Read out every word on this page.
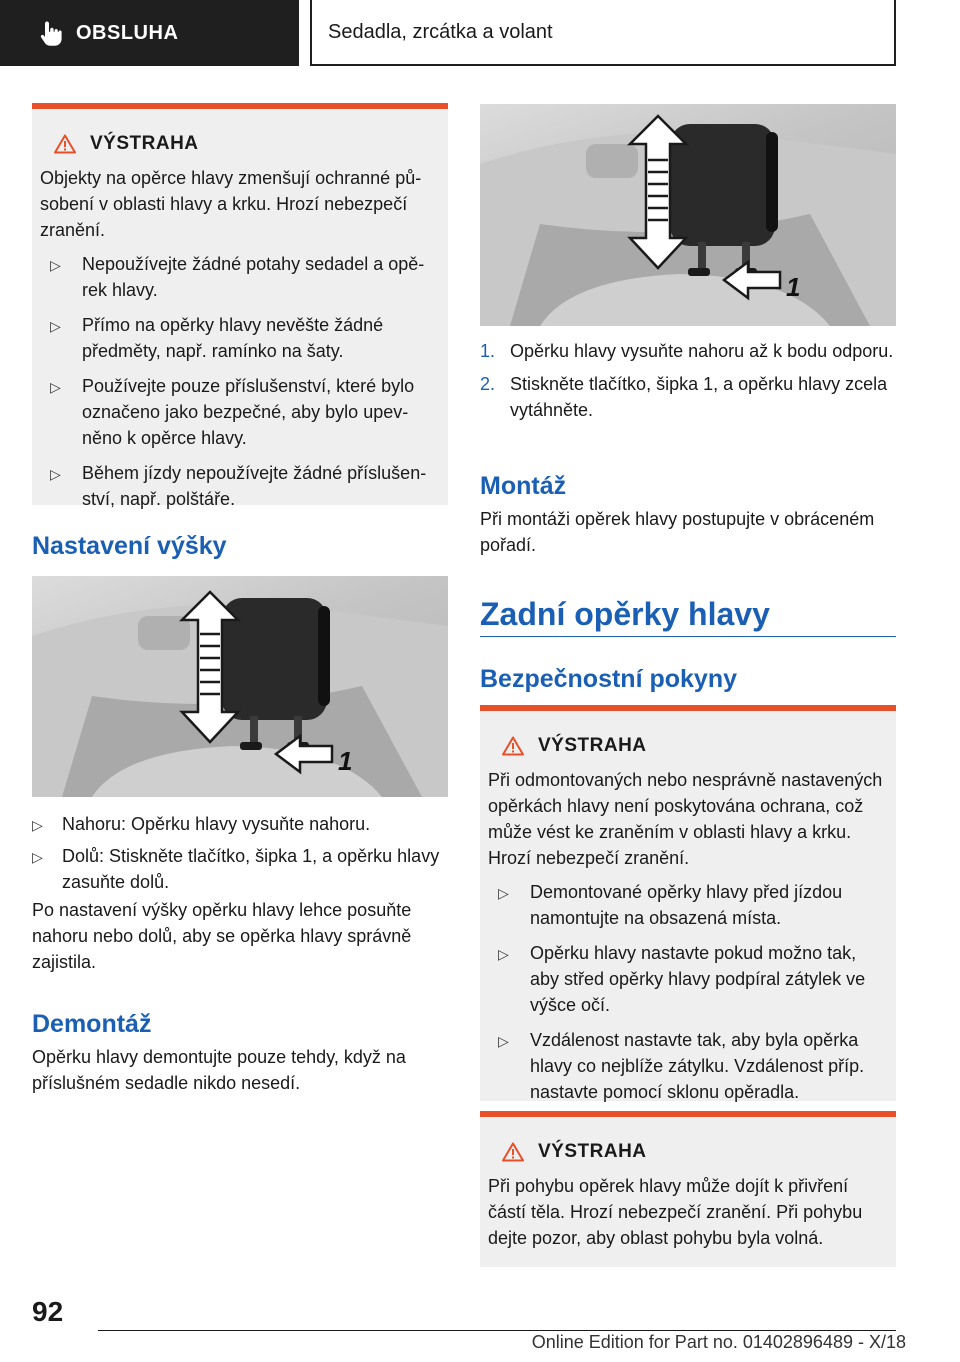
OBSLUHA	Sedadla, zrcátka a volant
VÝSTRAHA

Objekty na opěrce hlavy zmenšují ochranné působení v oblasti hlavy a krku. Hrozí nebezpečí zranění.

▷ Nepoužívejte žádné potahy sedadel a opěrek hlavy.
▷ Přímo na opěrky hlavy nevěšte žádné předměty, např. ramínko na šaty.
▷ Používejte pouze příslušenství, které bylo označeno jako bezpečné, aby bylo upevněno k opěrce hlavy.
▷ Během jízdy nepoužívejte žádné příslušenství, např. polštáře.
Nastavení výšky
1
▷ Nahoru: Opěrku hlavy vysuňte nahoru.
▷ Dolů: Stiskněte tlačítko, šipka 1, a opěrku hlavy zasuňte dolů.

Po nastavení výšky opěrku hlavy lehce posuňte nahoru nebo dolů, aby se opěrka hlavy správně zajistila.

Demontáž

Opěrku hlavy demontujte pouze tehdy, když na příslušném sedadle nikdo nesedí.

1
1. Opěrku hlavy vysuňte nahoru až k bodu odporu.
2. Stiskněte tlačítko, šipka 1, a opěrku hlavy zcela vytáhněte.
Montáž

Při montáži opěrek hlavy postupujte v obráceném pořadí.

Zadní opěrky hlavy
Bezpečnostní pokyny
VÝSTRAHA

Při odmontovaných nebo nesprávně nastavených opěrkách hlavy není poskytována ochrana, což může vést ke zraněním v oblasti hlavy a krku. Hrozí nebezpečí zranění.

▷ Demontované opěrky hlavy před jízdou namontujte na obsazená místa.
▷ Opěrku hlavy nastavte pokud možno tak, aby střed opěrky hlavy podpíral zátylek ve výšce očí.
▷ Vzdálenost nastavte tak, aby byla opěrka hlavy co nejblíže zátylku. Vzdálenost příp. nastavte pomocí sklonu opěradla.
VÝSTRAHA

Při pohybu opěrek hlavy může dojít k přivření částí těla. Hrozí nebezpečí zranění. Při pohybu dejte pozor, aby oblast pohybu byla volná.

92
Online Edition for Part no. 01402896489 - X/18
